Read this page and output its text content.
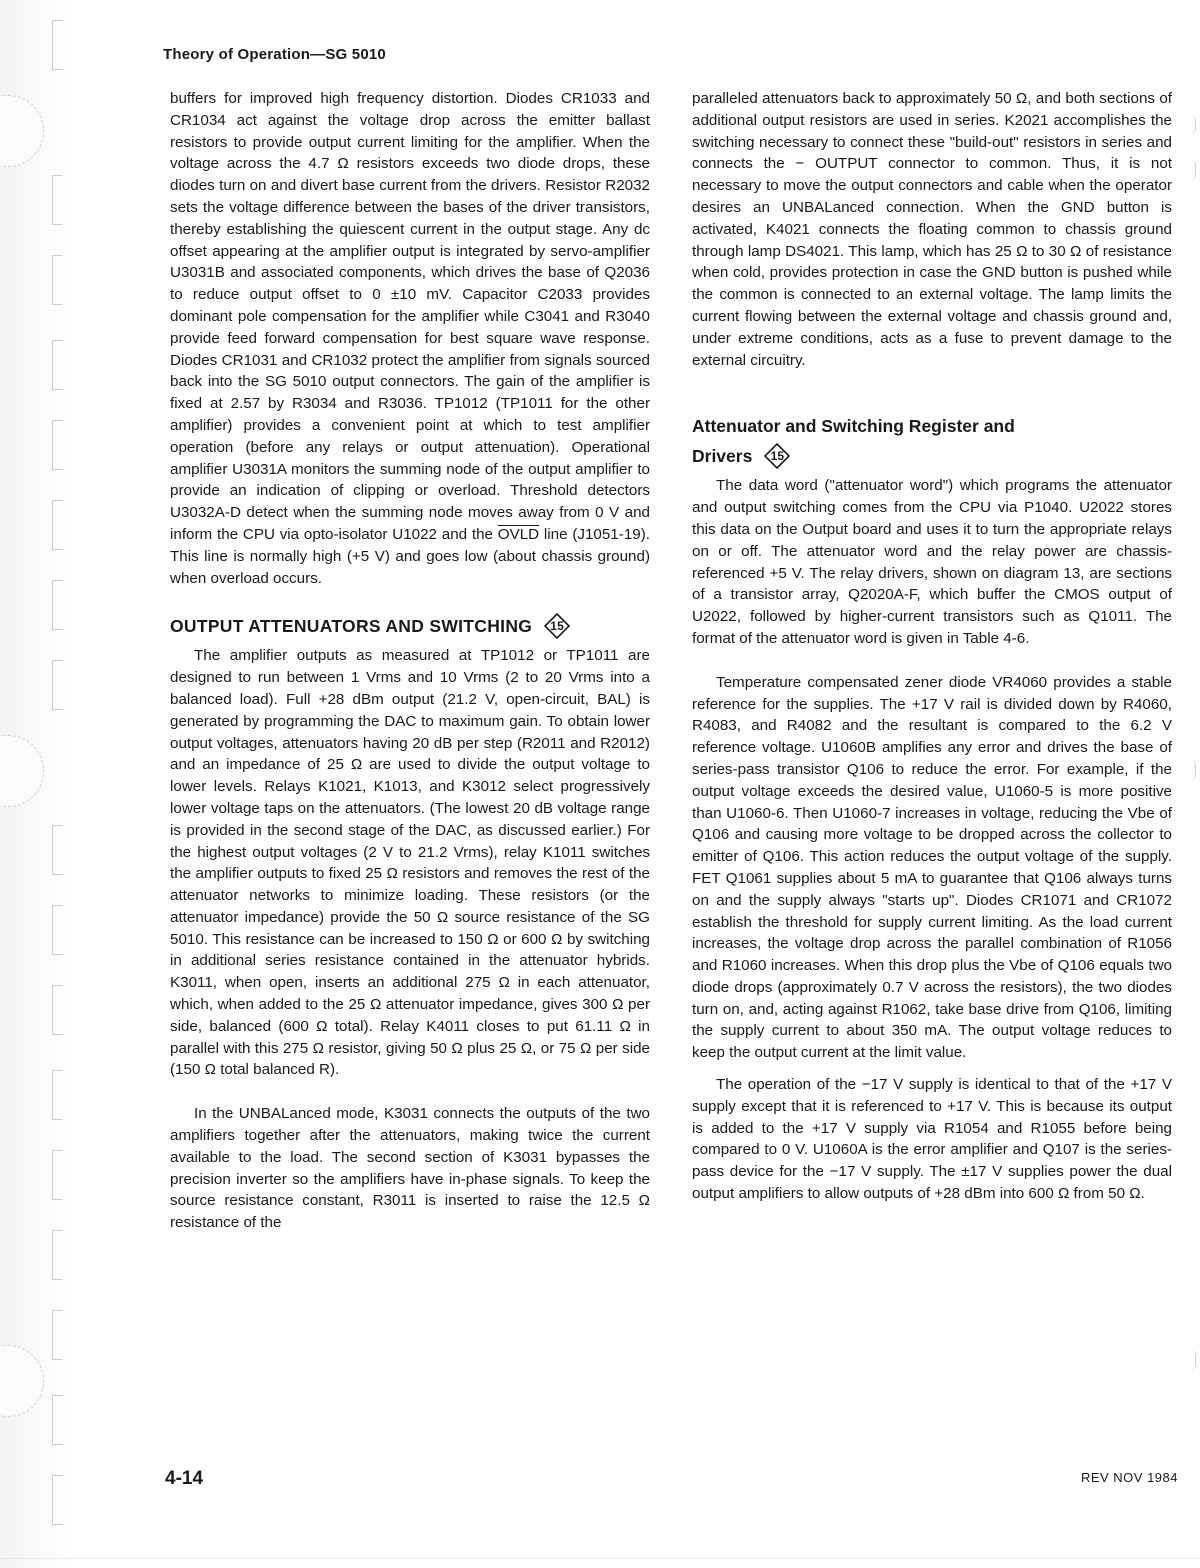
Theory of Operation—SG 5010

buffers for improved high frequency distortion. Diodes CR1033 and CR1034 act against the voltage drop across the emitter ballast resistors to provide output current limiting for the amplifier. When the voltage across the 4.7 Ω resistors exceeds two diode drops, these diodes turn on and divert base current from the drivers. Resistor R2032 sets the voltage difference between the bases of the driver transistors, thereby establishing the quiescent current in the output stage. Any dc offset appearing at the amplifier output is integrated by servo-amplifier U3031B and associated components, which drives the base of Q2036 to reduce output offset to 0 ±10 mV. Capacitor C2033 provides dominant pole compensation for the amplifier while C3041 and R3040 provide feed forward compensation for best square wave response. Diodes CR1031 and CR1032 protect the amplifier from signals sourced back into the SG 5010 output connectors. The gain of the amplifier is fixed at 2.57 by R3034 and R3036. TP1012 (TP1011 for the other amplifier) provides a convenient point at which to test amplifier operation (before any relays or output attenuation). Operational amplifier U3031A monitors the summing node of the output amplifier to provide an indication of clipping or overload. Threshold detectors U3032A-D detect when the summing node moves away from 0 V and inform the CPU via opto-isolator U1022 and the OVLD line (J1051-19). This line is normally high (+5 V) and goes low (about chassis ground) when overload occurs.

OUTPUT ATTENUATORS AND SWITCHING	15

The amplifier outputs as measured at TP1012 or TP1011 are designed to run between 1 Vrms and 10 Vrms (2 to 20 Vrms into a balanced load). Full +28 dBm output (21.2 V, open-circuit, BAL) is generated by programming the DAC to maximum gain. To obtain lower output voltages, attenuators having 20 dB per step (R2011 and R2012) and an impedance of 25 Ω are used to divide the output voltage to lower levels. Relays K1021, K1013, and K3012 select progressively lower voltage taps on the attenuators. (The lowest 20 dB voltage range is provided in the second stage of the DAC, as discussed earlier.) For the highest output voltages (2 V to 21.2 Vrms), relay K1011 switches the amplifier outputs to fixed 25 Ω resistors and removes the rest of the attenuator networks to minimize loading. These resistors (or the attenuator impedance) provide the 50 Ω source resistance of the SG 5010. This resistance can be increased to 150 Ω or 600 Ω by switching in additional series resistance contained in the attenuator hybrids. K3011, when open, inserts an additional 275 Ω in each attenuator, which, when added to the 25 Ω attenuator impedance, gives 300 Ω per side, balanced (600 Ω total). Relay K4011 closes to put 61.11 Ω in parallel with this 275 Ω resistor, giving 50 Ω plus 25 Ω, or 75 Ω per side (150 Ω total balanced R).

In the UNBALanced mode, K3031 connects the outputs of the two amplifiers together after the attenuators, making twice the current available to the load. The second section of K3031 bypasses the precision inverter so the amplifiers have in-phase signals. To keep the source resistance constant, R3011 is inserted to raise the 12.5 Ω resistance of the

paralleled attenuators back to approximately 50 Ω, and both sections of additional output resistors are used in series. K2021 accomplishes the switching necessary to connect these "build-out" resistors in series and connects the − OUTPUT connector to common. Thus, it is not necessary to move the output connectors and cable when the operator desires an UNBALanced connection. When the GND button is activated, K4021 connects the floating common to chassis ground through lamp DS4021. This lamp, which has 25 Ω to 30 Ω of resistance when cold, provides protection in case the GND button is pushed while the common is connected to an external voltage. The lamp limits the current flowing between the external voltage and chassis ground and, under extreme conditions, acts as a fuse to prevent damage to the external circuitry.

Attenuator and Switching Register and
Drivers	15

The data word ("attenuator word") which programs the attenuator and output switching comes from the CPU via P1040. U2022 stores this data on the Output board and uses it to turn the appropriate relays on or off. The attenuator word and the relay power are chassis-referenced +5 V. The relay drivers, shown on diagram 13, are sections of a transistor array, Q2020A-F, which buffer the CMOS output of U2022, followed by higher-current transistors such as Q1011. The format of the attenuator word is given in Table 4-6.

Temperature compensated zener diode VR4060 provides a stable reference for the supplies. The +17 V rail is divided down by R4060, R4083, and R4082 and the resultant is compared to the 6.2 V reference voltage. U1060B amplifies any error and drives the base of series-pass transistor Q106 to reduce the error. For example, if the output voltage exceeds the desired value, U1060-5 is more positive than U1060-6. Then U1060-7 increases in voltage, reducing the Vbe of Q106 and causing more voltage to be dropped across the collector to emitter of Q106. This action reduces the output voltage of the supply. FET Q1061 supplies about 5 mA to guarantee that Q106 always turns on and the supply always "starts up". Diodes CR1071 and CR1072 establish the threshold for supply current limiting. As the load current increases, the voltage drop across the parallel combination of R1056 and R1060 increases. When this drop plus the Vbe of Q106 equals two diode drops (approximately 0.7 V across the resistors), the two diodes turn on, and, acting against R1062, take base drive from Q106, limiting the supply current to about 350 mA. The output voltage reduces to keep the output current at the limit value.

The operation of the −17 V supply is identical to that of the +17 V supply except that it is referenced to +17 V. This is because its output is added to the +17 V supply via R1054 and R1055 before being compared to 0 V. U1060A is the error amplifier and Q107 is the series-pass device for the −17 V supply. The ±17 V supplies power the dual output amplifiers to allow outputs of +28 dBm into 600 Ω from 50 Ω.

4-14	REV NOV 1984
